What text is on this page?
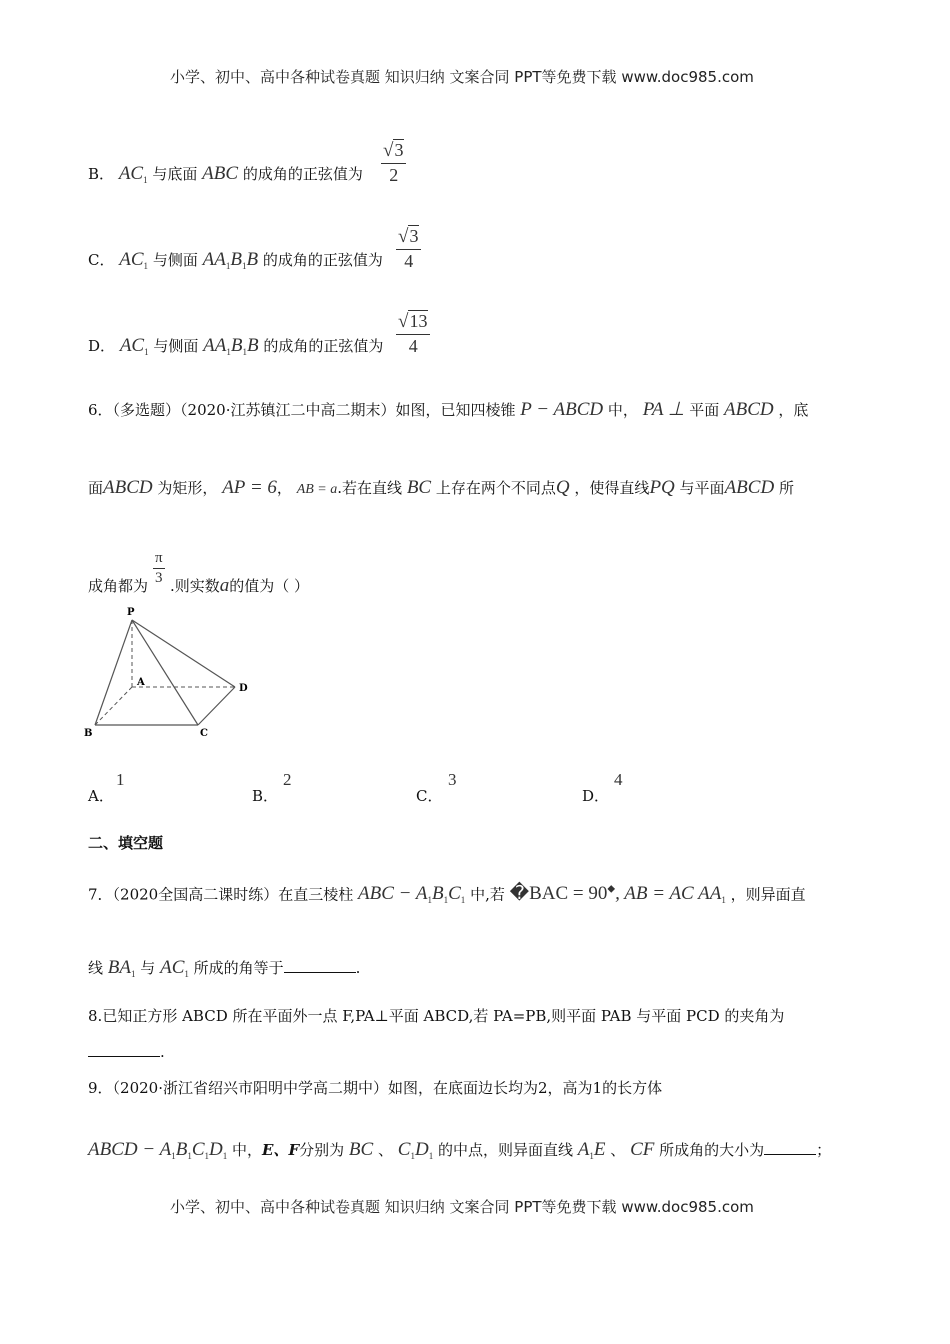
小学、初中、高中各种试卷真题 知识归纳 文案合同 PPT等免费下载 www.doc985.com
B． $AC_1$ 与底面 ABC 的成角的正弦值为 $\frac{√3}{2}$
C． $AC_1$ 与侧面 $AA_1B_1B$ 的成角的正弦值为 $\frac{√3}{4}$
D． $AC_1$ 与侧面 $AA_1B_1B$ 的成角的正弦值为 $\frac{√13}{4}$
6．（多选题）（2020·江苏镇江二中高二期末）如图，已知四棱锥 P − ABCD 中， PA ⊥ 平面 ABCD ，底
面ABCD 为矩形， AP = 6， AB = a.若在直线 BC 上存在两个不同点Q ，使得直线PQ 与平面ABCD 所
成角都为 $\frac{\pi}{3}$ .则实数a的值为（ ）
P
A
B	C
D
A．
1
B．
2
C．
3
D．
4
二、填空题
7．（2020全国高二课时练）在直三棱柱 ABC − $A_1B_1C_1$ 中,若 �BAC = 90◆, AB = AC $AA_1$ ，则异面直
线 $BA_1$ 与 $AC_1$ 所成的角等于	.
8.已知正方形 ABCD 所在平面外一点 F,PA⊥平面 ABCD,若 PA=PB,则平面 PAB 与平面 PCD 的夹角为
.
9．（2020·浙江省绍兴市阳明中学高二期中）如图，在底面边长均为2，高为1的长方体
ABCD − $A_1B_1C_1D_1$ 中，E、F分别为 BC 、 $C_1D_1$ 的中点，则异面直线 $A_1E$ 、 CF 所成角的大小为	；
小学、初中、高中各种试卷真题 知识归纳 文案合同 PPT等免费下载 www.doc985.com
